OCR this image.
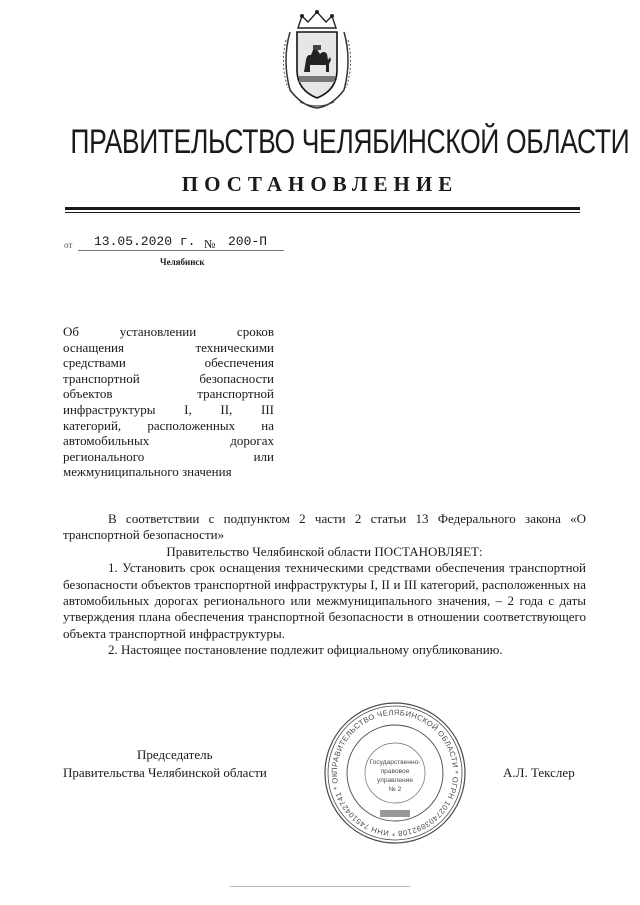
ПРАВИТЕЛЬСТВО ЧЕЛЯБИНСКОЙ ОБЛАСТИ
ПОСТАНОВЛЕНИЕ
от 13.05.2020 г. № 200-П
Челябинск
Об установлении сроков
оснащения техническими
средствами обеспечения
транспортной безопасности
объектов транспортной
инфраструктуры I, II, III
категорий, расположенных на
автомобильных дорогах
регионального или
межмуниципального значения

В соответствии с подпунктом 2 части 2 статьи 13 Федерального закона «О транспортной безопасности»

Правительство Челябинской области ПОСТАНОВЛЯЕТ:

1. Установить срок оснащения техническими средствами обеспечения транспортной безопасности объектов транспортной инфраструктуры I, II и III категорий, расположенных на автомобильных дорогах регионального или межмуниципального значения, – 2 года с даты утверждения плана обеспечения транспортной безопасности в отношении соответствующего объекта транспортной инфраструктуры.

2. Настоящее постановление подлежит официальному опубликованию.

Председатель
Правительства Челябинской области	А.Л. Текслер
ПРАВИТЕЛЬСТВО ЧЕЛЯБИНСКОЙ ОБЛАСТИ * ОГРН 1027403892108 * ИНН 7451042741 * ОК
Государственно-
правовое
управление
№ 2
